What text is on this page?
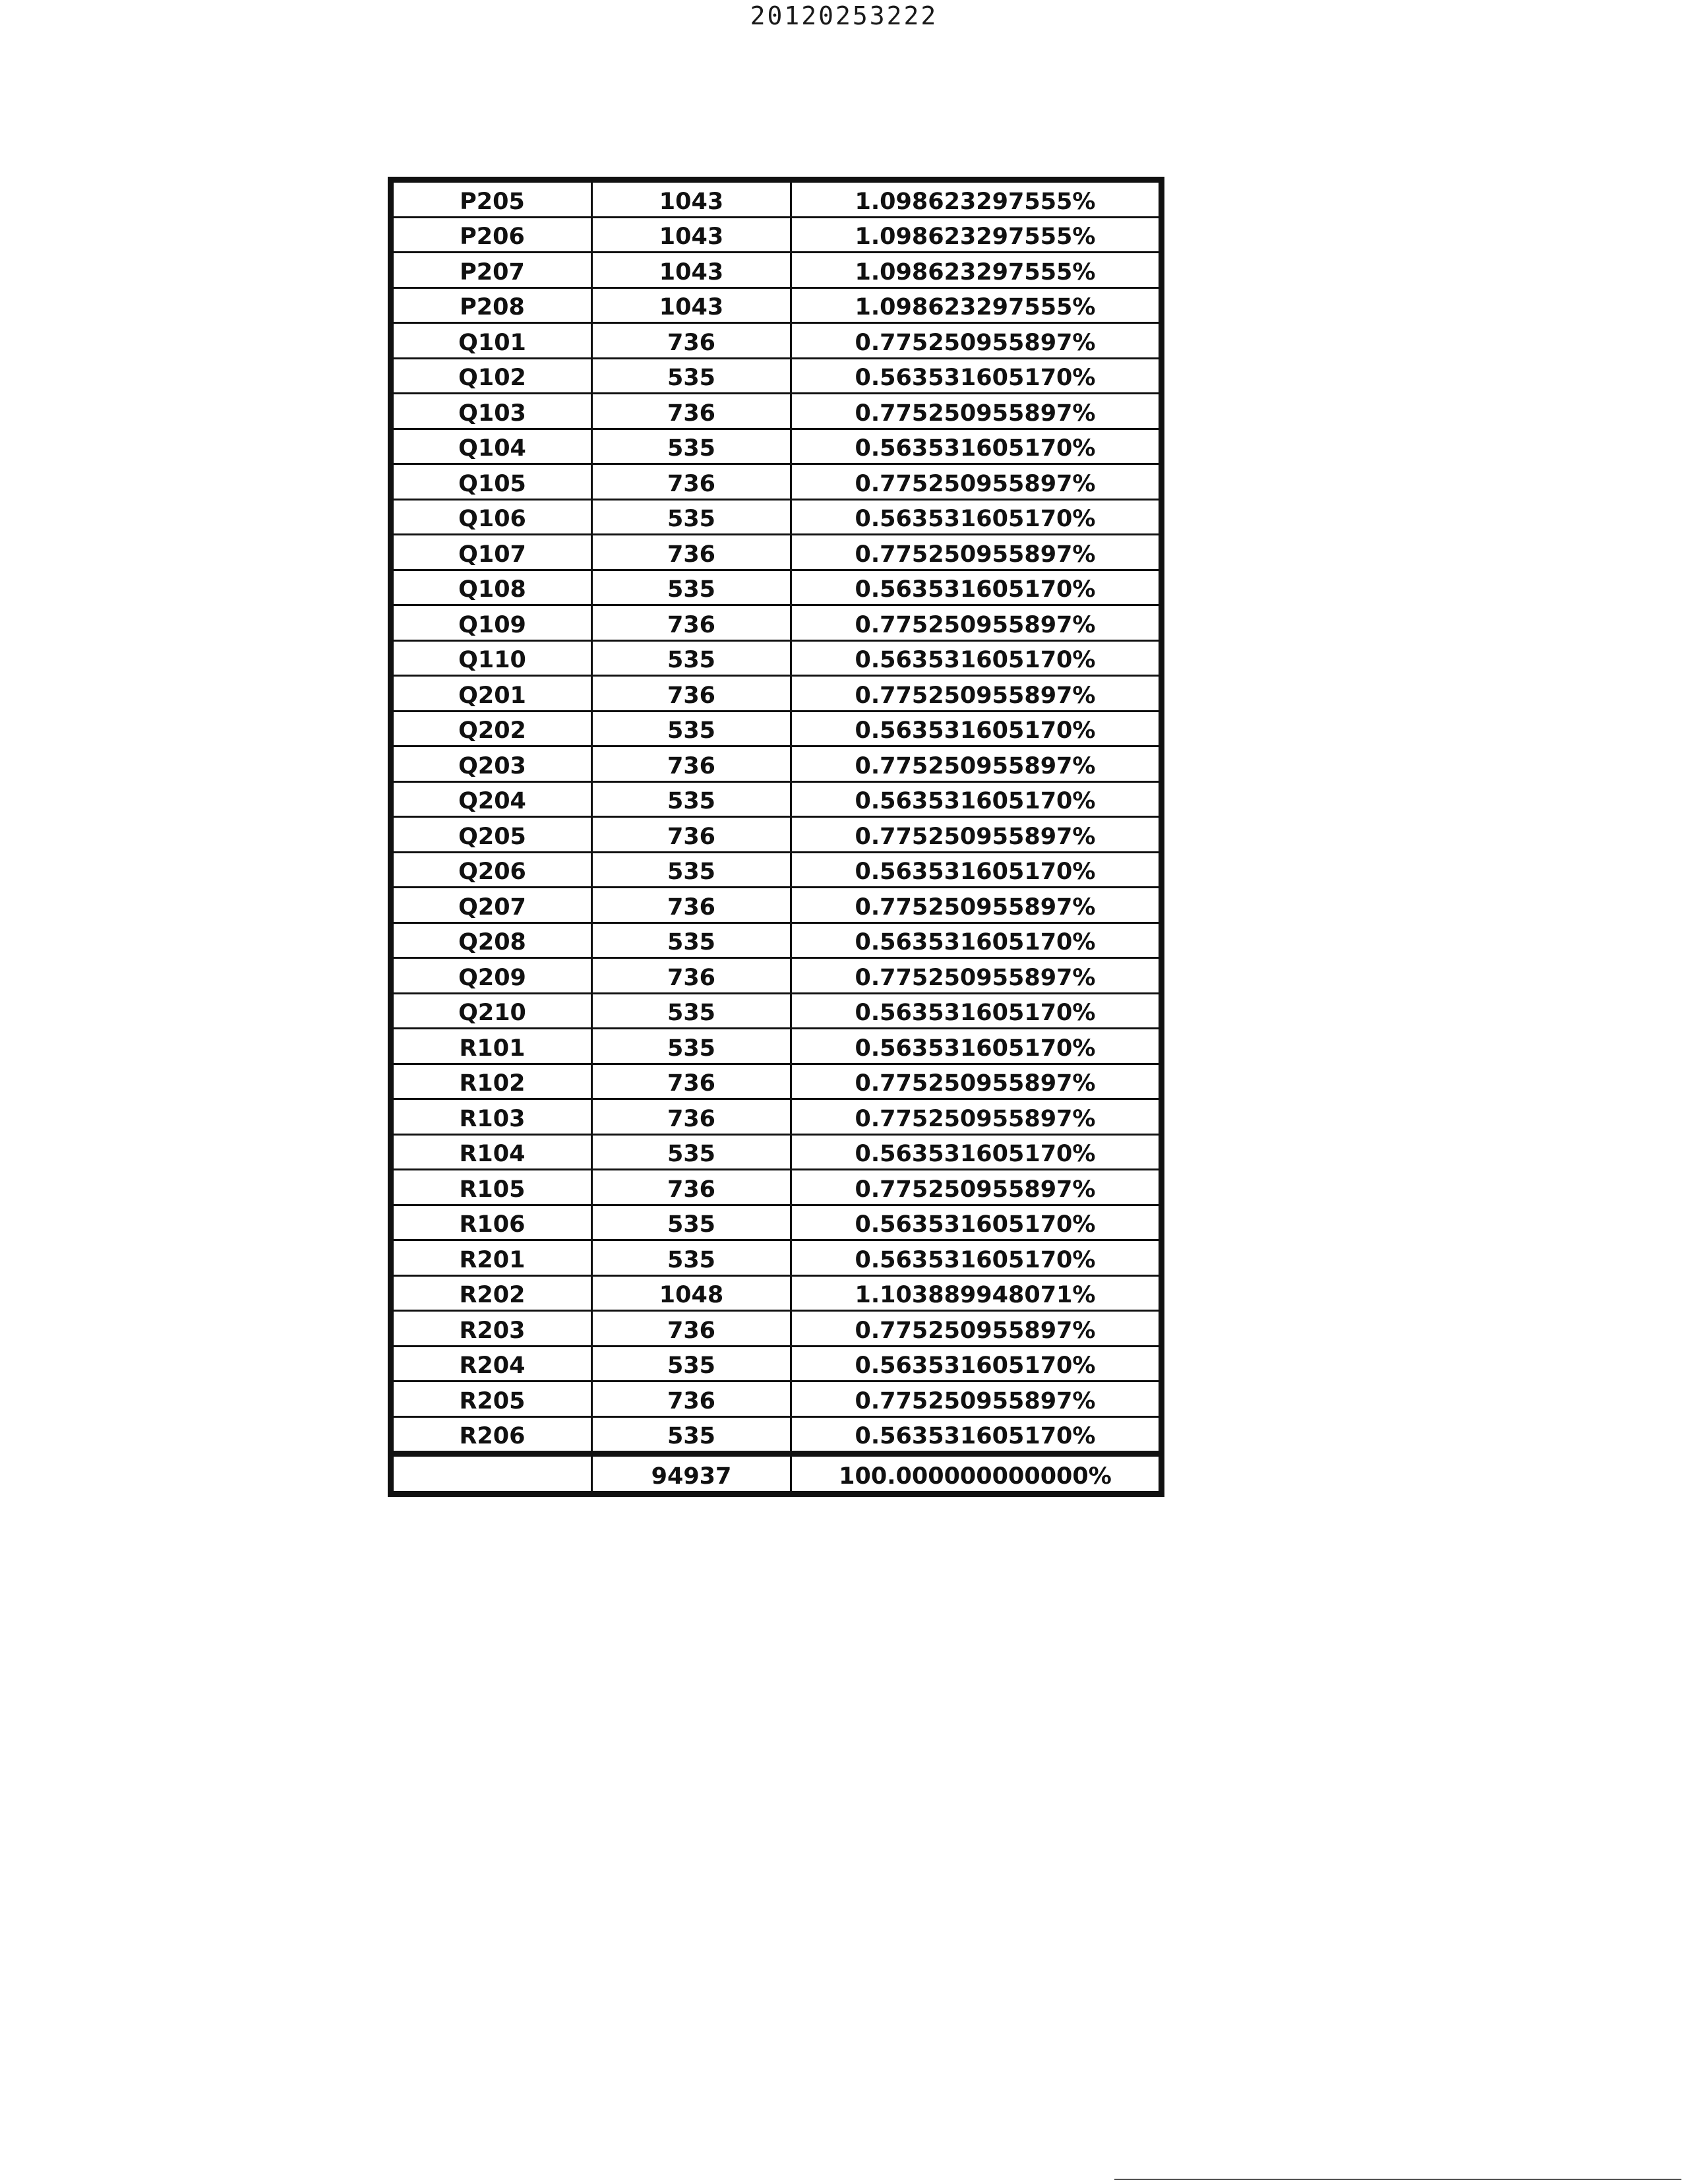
20120253222
P205	1043	1.098623297555%
P206	1043	1.098623297555%
P207	1043	1.098623297555%
P208	1043	1.098623297555%
Q101	736	0.775250955897%
Q102	535	0.563531605170%
Q103	736	0.775250955897%
Q104	535	0.563531605170%
Q105	736	0.775250955897%
Q106	535	0.563531605170%
Q107	736	0.775250955897%
Q108	535	0.563531605170%
Q109	736	0.775250955897%
Q110	535	0.563531605170%
Q201	736	0.775250955897%
Q202	535	0.563531605170%
Q203	736	0.775250955897%
Q204	535	0.563531605170%
Q205	736	0.775250955897%
Q206	535	0.563531605170%
Q207	736	0.775250955897%
Q208	535	0.563531605170%
Q209	736	0.775250955897%
Q210	535	0.563531605170%
R101	535	0.563531605170%
R102	736	0.775250955897%
R103	736	0.775250955897%
R104	535	0.563531605170%
R105	736	0.775250955897%
R106	535	0.563531605170%
R201	535	0.563531605170%
R202	1048	1.103889948071%
R203	736	0.775250955897%
R204	535	0.563531605170%
R205	736	0.775250955897%
R206	535	0.563531605170%
	94937	100.000000000000%
